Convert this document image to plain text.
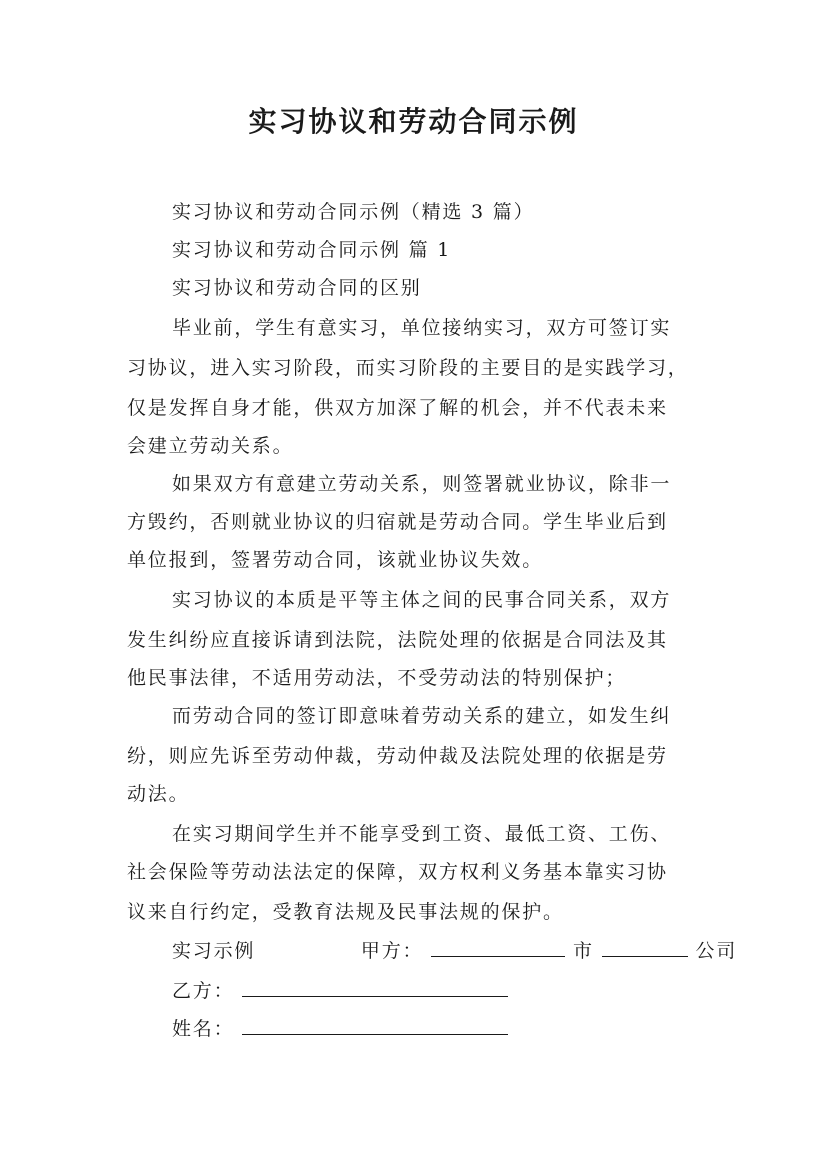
实习协议和劳动合同示例
实习协议和劳动合同示例（精选 3 篇）
实习协议和劳动合同示例 篇 1
实习协议和劳动合同的区别
毕业前，学生有意实习，单位接纳实习，双方可签订实
习协议，进入实习阶段，而实习阶段的主要目的是实践学习，
仅是发挥自身才能，供双方加深了解的机会，并不代表未来
会建立劳动关系。
如果双方有意建立劳动关系，则签署就业协议，除非一
方毁约，否则就业协议的归宿就是劳动合同。学生毕业后到
单位报到，签署劳动合同，该就业协议失效。
实习协议的本质是平等主体之间的民事合同关系，双方
发生纠纷应直接诉请到法院，法院处理的依据是合同法及其
他民事法律，不适用劳动法，不受劳动法的特别保护；
而劳动合同的签订即意味着劳动关系的建立，如发生纠
纷，则应先诉至劳动仲裁，劳动仲裁及法院处理的依据是劳
动法。
在实习期间学生并不能享受到工资、最低工资、工伤、
社会保险等劳动法法定的保障，双方权利义务基本靠实习协
议来自行约定，受教育法规及民事法规的保护。
实习示例	甲方：	市	公司
乙方：
姓名：
